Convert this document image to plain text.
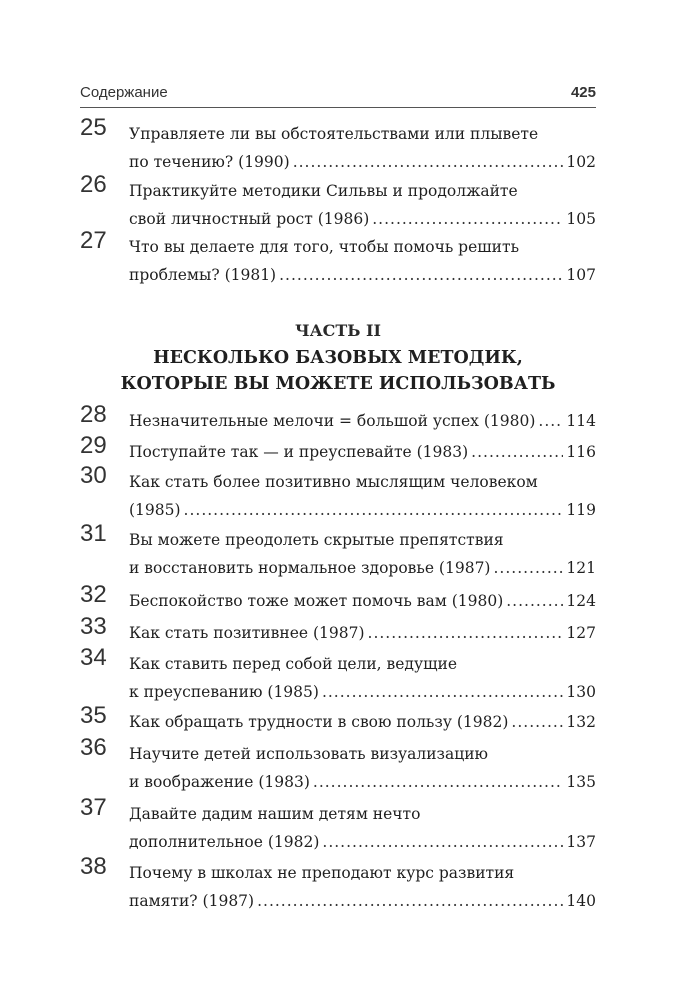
Содержание	425
25 Управляете ли вы обстоятельствами или плывете
по течению? (1990) .....	102
26 Практикуйте методики Сильвы и продолжайте
свой личностный рост (1986) .....	105
27 Что вы делаете для того, чтобы помочь решить
проблемы? (1981) .....	107
ЧАСТЬ II
НЕСКОЛЬКО БАЗОВЫХ МЕТОДИК,
КОТОРЫЕ ВЫ МОЖЕТЕ ИСПОЛЬЗОВАТЬ
28 Незначительные мелочи = большой успех (1980) ..... 114
29 Поступайте так — и преуспевайте (1983) .....	116
30 Как стать более позитивно мыслящим человеком
(1985) .....	119
31 Вы можете преодолеть скрытые препятствия
и восстановить нормальное здоровье (1987) .....	121
32 Беспокойство тоже может помочь вам (1980) .....	124
33 Как стать позитивнее (1987) .....	127
34 Как ставить перед собой цели, ведущие
к преуспеванию (1985) .....	130
35 Как обращать трудности в свою пользу (1982) .....	132
36 Научите детей использовать визуализацию
и воображение (1983) .....	135
37 Давайте дадим нашим детям нечто
дополнительное (1982) .....	137
38 Почему в школах не преподают курс развития
памяти? (1987) .....	140
